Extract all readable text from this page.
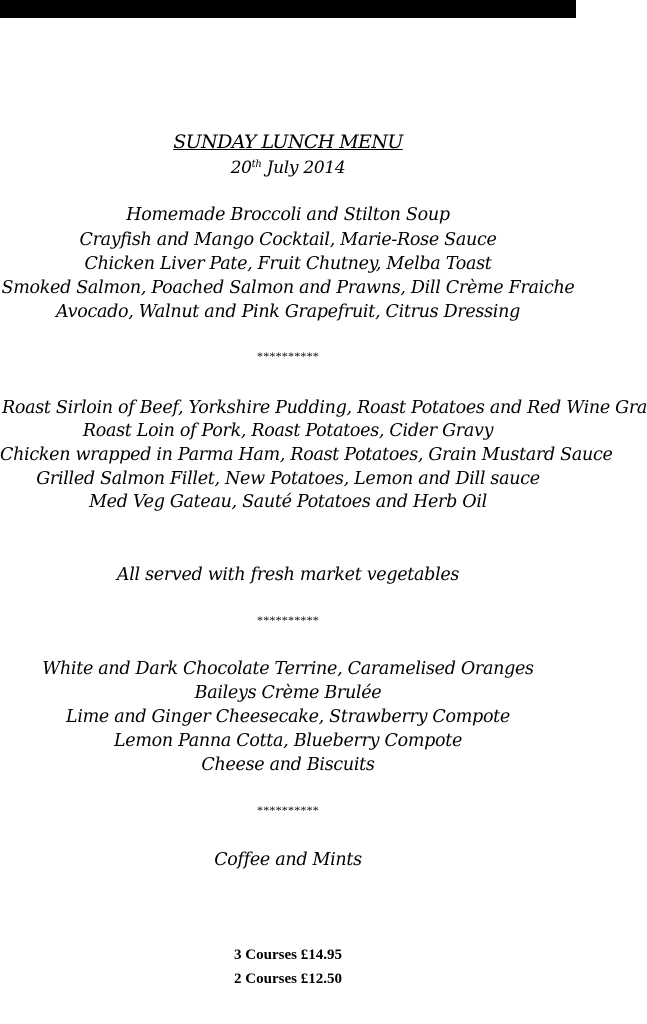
SUNDAY LUNCH MENU
20th July 2014
Homemade Broccoli and Stilton Soup
Crayfish and Mango Cocktail, Marie-Rose Sauce
Chicken Liver Pate, Fruit Chutney, Melba Toast
Smoked Salmon, Poached Salmon and Prawns, Dill Crème Fraiche
Avocado, Walnut and Pink Grapefruit, Citrus Dressing
**********
Roast Sirloin of Beef, Yorkshire Pudding, Roast Potatoes and Red Wine Gra
Roast Loin of Pork, Roast Potatoes, Cider Gravy
Chicken wrapped in Parma Ham, Roast Potatoes, Grain Mustard Sauce
Grilled Salmon Fillet, New Potatoes, Lemon and Dill sauce
Med Veg Gateau, Sauté Potatoes and Herb Oil
All served with fresh market vegetables
**********
White and Dark Chocolate Terrine, Caramelised Oranges
Baileys Crème Brulée
Lime and Ginger Cheesecake, Strawberry Compote
Lemon Panna Cotta, Blueberry Compote
Cheese and Biscuits
**********
Coffee and Mints
3 Courses £14.95
2 Courses £12.50
